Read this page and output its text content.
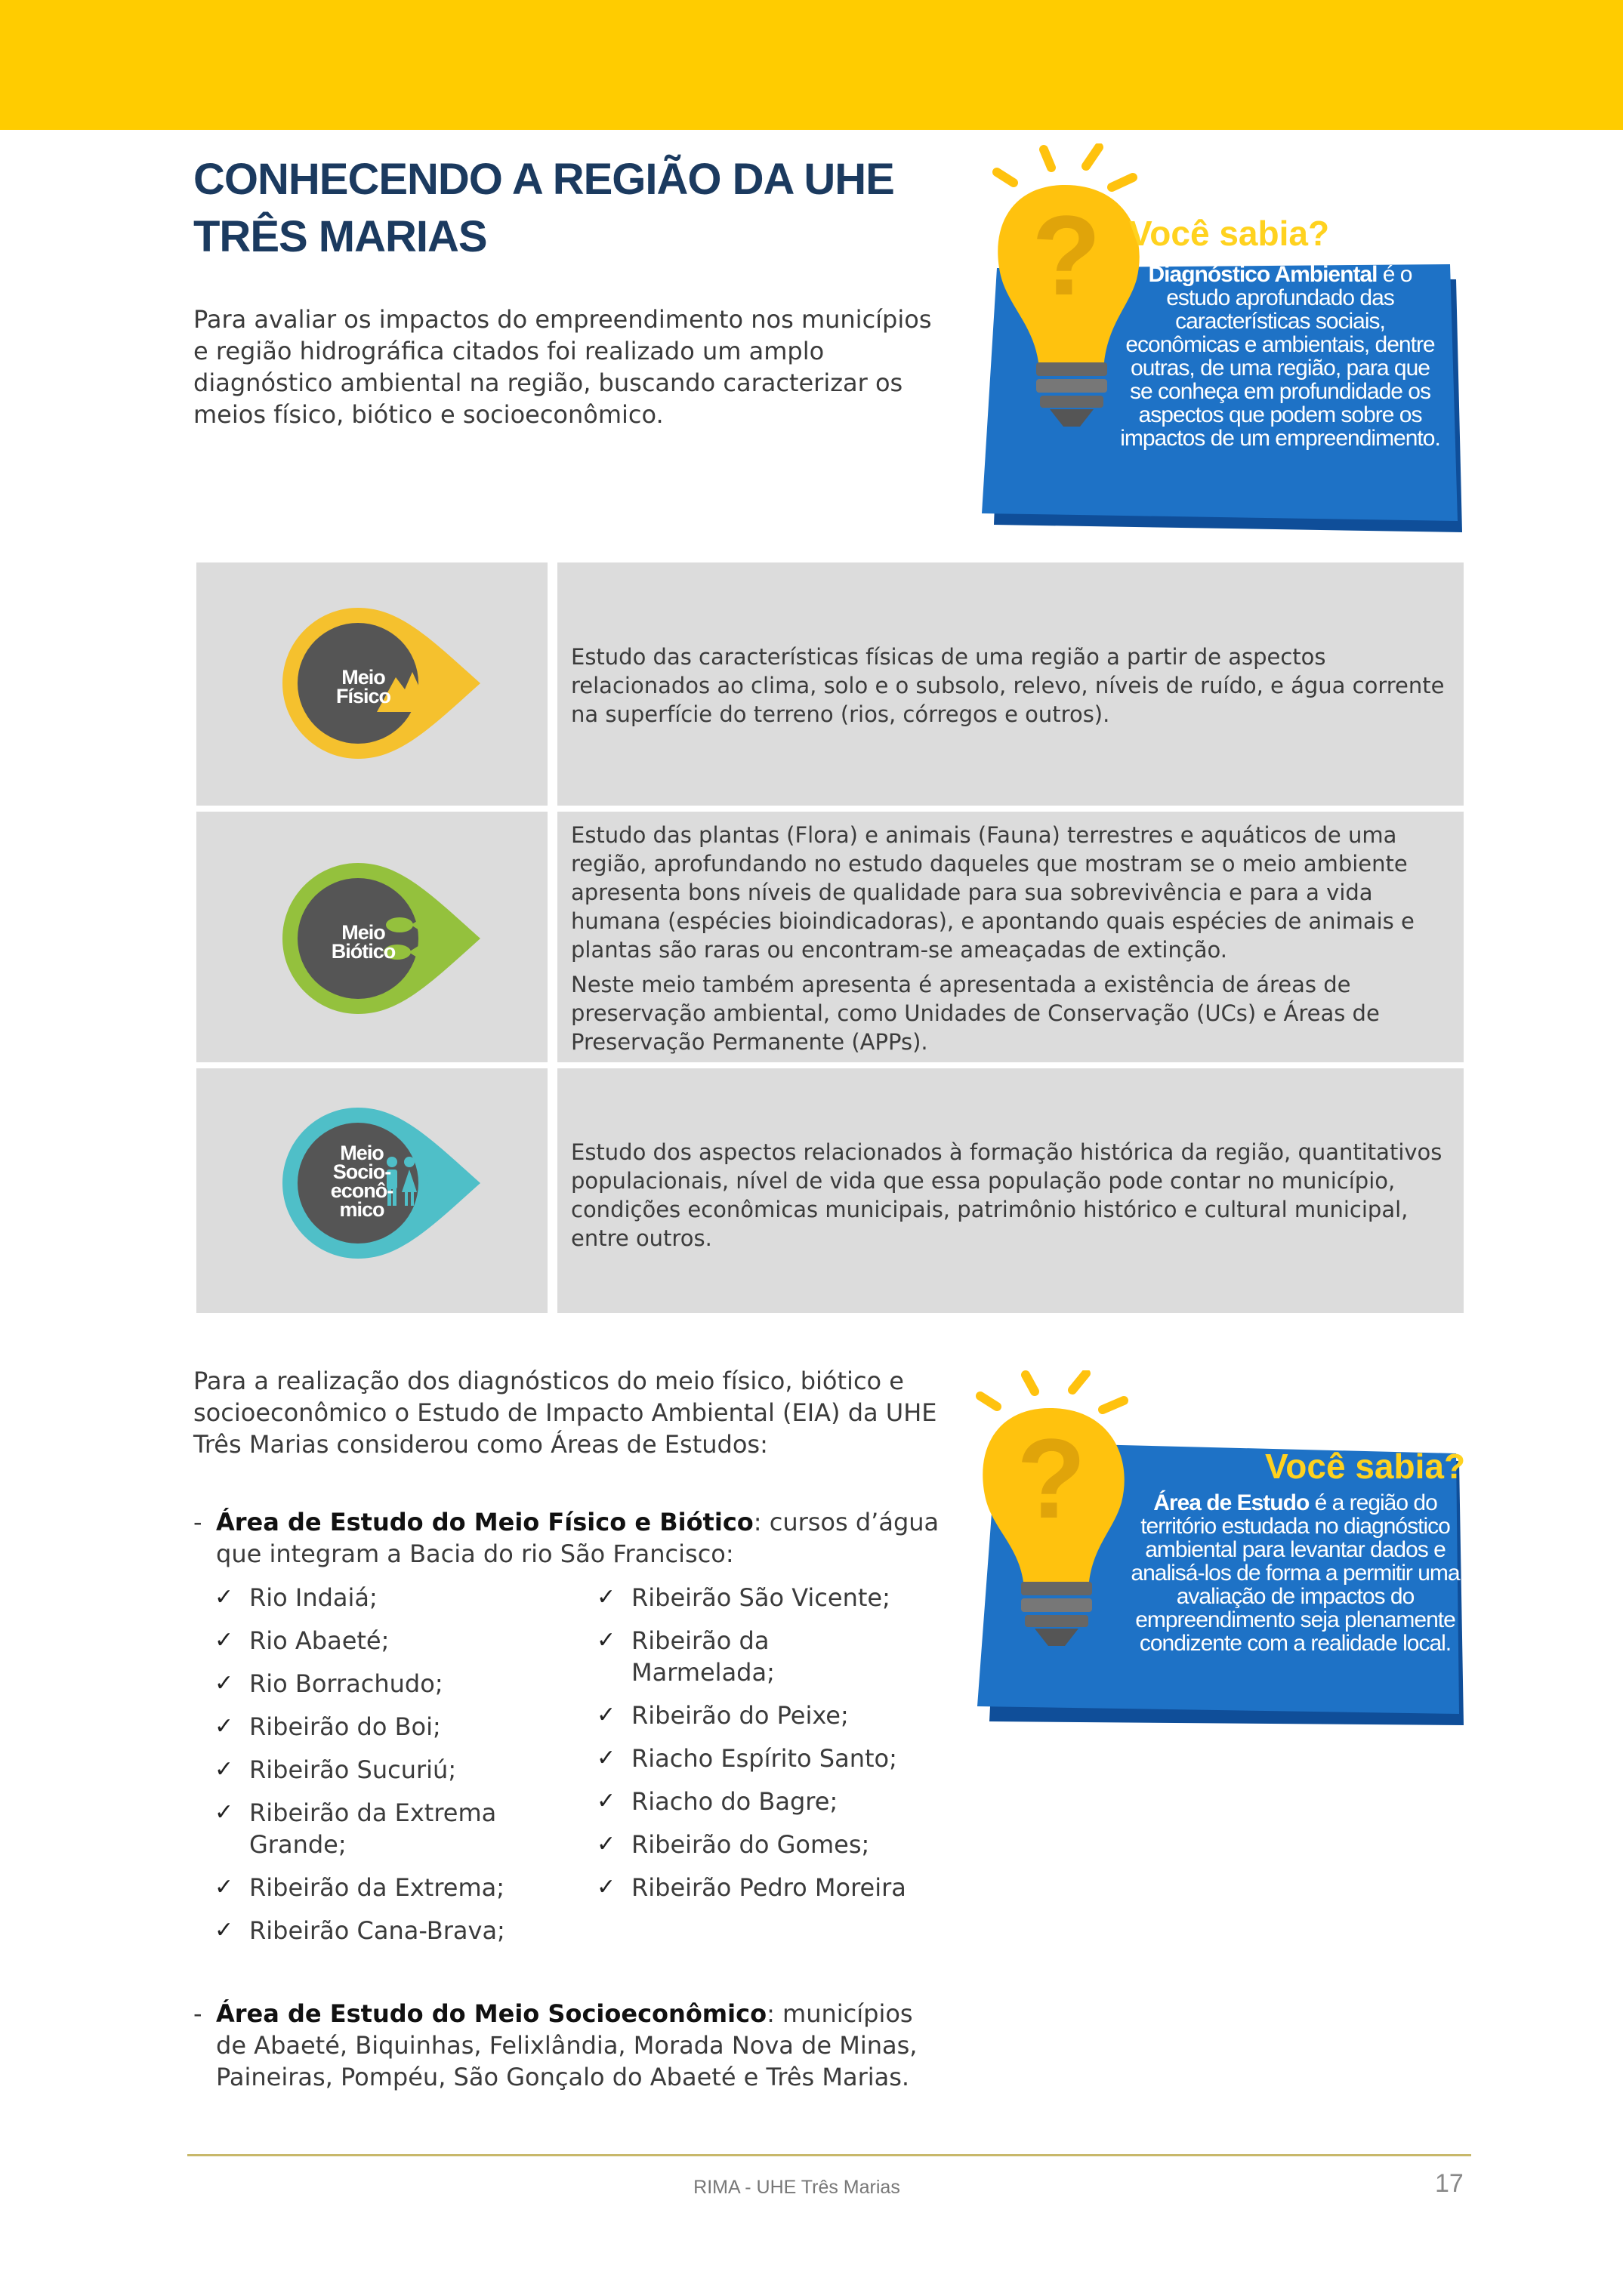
CONHECENDO A REGIÃO DA UHE
TRÊS MARIAS
Para avaliar os impactos do empreendimento nos municípios e região hidrográfica citados foi realizado um amplo diagnóstico ambiental na região, buscando caracterizar os meios físico, biótico e socioeconômico.
? Você sabia?
Diagnóstico Ambiental é o estudo aprofundado das características sociais, econômicas e ambientais, dentre outras, de uma região, para que se conheça em profundidade os aspectos que podem sobre os impactos de um empreendimento.
Meio
Físico

Estudo das características físicas de uma região a partir de aspectos relacionados ao clima, solo e o subsolo, relevo, níveis de ruído, e água corrente na superfície do terreno (rios, córregos e outros).

Meio
Biótico

Estudo das plantas (Flora) e animais (Fauna) terrestres e aquáticos de uma região, aprofundando no estudo daqueles que mostram se o meio ambiente apresenta bons níveis de qualidade para sua sobrevivência e para a vida humana (espécies bioindicadoras), e apontando quais espécies de animais e plantas são raras ou encontram-se ameaçadas de extinção.

Neste meio também apresenta é apresentada a existência de áreas de preservação ambiental, como Unidades de Conservação (UCs) e Áreas de Preservação Permanente (APPs).

Meio
Socio-
econô-
mico

Estudo dos aspectos relacionados à formação histórica da região, quantitativos populacionais, nível de vida que essa população pode contar no município, condições econômicas municipais, patrimônio histórico e cultural municipal, entre outros.

Para a realização dos diagnósticos do meio físico, biótico e socioeconômico o Estudo de Impacto Ambiental (EIA) da UHE Três Marias considerou como Áreas de Estudos:
- Área de Estudo do Meio Físico e Biótico: cursos d’água que integram a Bacia do rio São Francisco:
✓ Rio Indaiá;
✓ Rio Abaeté;
✓ Rio Borrachudo;
✓ Ribeirão do Boi;
✓ Ribeirão Sucuriú;
✓ Ribeirão da Extrema Grande;
✓ Ribeirão da Extrema;
✓ Ribeirão Cana-Brava;
✓ Ribeirão São Vicente;
✓ Ribeirão da Marmelada;
✓ Ribeirão do Peixe;
✓ Riacho Espírito Santo;
✓ Riacho do Bagre;
✓ Ribeirão do Gomes;
✓ Ribeirão Pedro Moreira
- Área de Estudo do Meio Socioeconômico: municípios de Abaeté, Biquinhas, Felixlândia, Morada Nova de Minas, Paineiras, Pompéu, São Gonçalo do Abaeté e Três Marias.
?	Você sabia?
Área de Estudo é a região do território estudada no diagnóstico ambiental para levantar dados e analisá-los de forma a permitir uma avaliação de impactos do empreendimento seja plenamente condizente com a realidade local.
RIMA - UHE Três Marias	17
